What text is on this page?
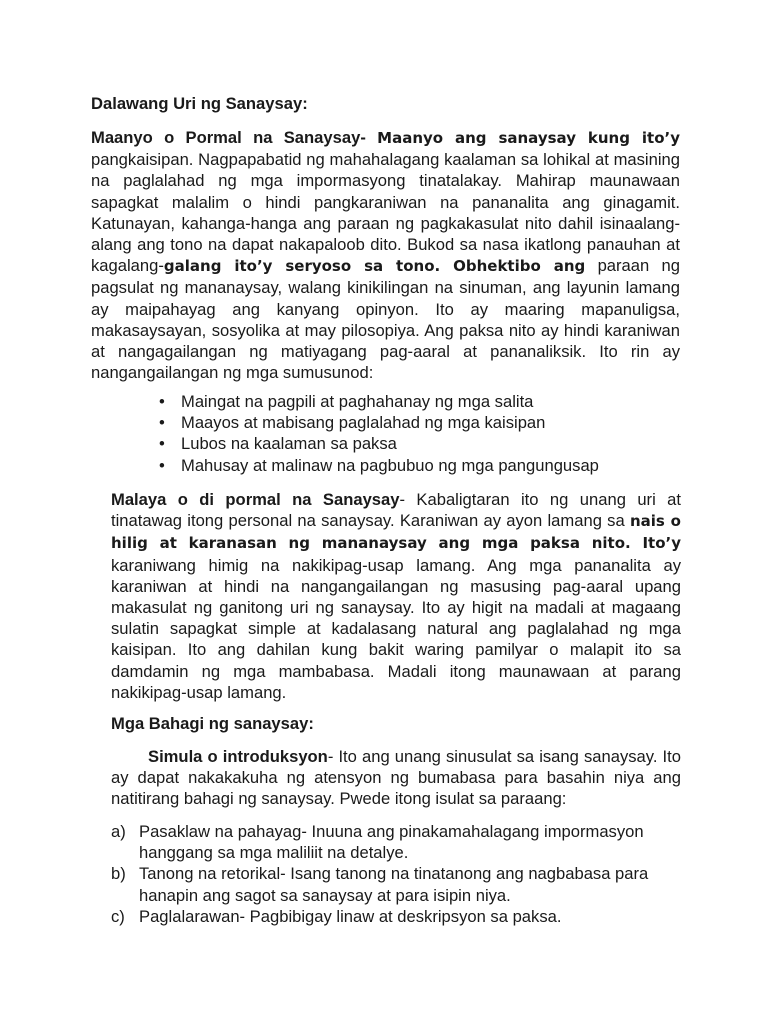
Dalawang Uri ng Sanaysay:

Maanyo o Pormal na Sanaysay- Maanyo ang sanaysay kung ito’y pangkaisipan. Nagpapabatid ng mahahalagang kaalaman sa lohikal at masining na paglalahad ng mga impormasyong tinatalakay. Mahirap maunawaan sapagkat malalim o hindi pangkaraniwan na pananalita ang ginagamit. Katunayan, kahanga-hanga ang paraan ng pagkakasulat nito dahil isinaalang-alang ang tono na dapat nakapaloob dito. Bukod sa nasa ikatlong panauhan at kagalang-galang ito’y seryoso sa tono. Obhektibo ang paraan ng pagsulat ng mananaysay, walang kinikilingan na sinuman, ang layunin lamang ay maipahayag ang kanyang opinyon. Ito ay maaring mapanuligsa, makasaysayan, sosyolika at may pilosopiya. Ang paksa nito ay hindi karaniwan at nangagailangan ng matiyagang pag-aaral at pananaliksik. Ito rin ay nangangailangan ng mga sumusunod:

• Maingat na pagpili at paghahanay ng mga salita
• Maayos at mabisang paglalahad ng mga kaisipan
• Lubos na kaalaman sa paksa
• Mahusay at malinaw na pagbubuo ng mga pangungusap

Malaya o di pormal na Sanaysay- Kabaligtaran ito ng unang uri at tinatawag itong personal na sanaysay. Karaniwan ay ayon lamang sa nais o hilig at karanasan ng mananaysay ang mga paksa nito. Ito’y karaniwang himig na nakikipag-usap lamang. Ang mga pananalita ay karaniwan at hindi na nangangailangan ng masusing pag-aaral upang makasulat ng ganitong uri ng sanaysay. Ito ay higit na madali at magaang sulatin sapagkat simple at kadalasang natural ang paglalahad ng mga kaisipan. Ito ang dahilan kung bakit waring pamilyar o malapit ito sa damdamin ng mga mambabasa. Madali itong maunawaan at parang nakikipag-usap lamang.

Mga Bahagi ng sanaysay:

Simula o introduksyon- Ito ang unang sinusulat sa isang sanaysay. Ito ay dapat nakakakuha ng atensyon ng bumabasa para basahin niya ang natitirang bahagi ng sanaysay. Pwede itong isulat sa paraang:

a) Pasaklaw na pahayag- Inuuna ang pinakamahalagang impormasyon hanggang sa mga maliliit na detalye.
b) Tanong na retorikal- Isang tanong na tinatanong ang nagbabasa para hanapin ang sagot sa sanaysay at para isipin niya.
c) Paglalarawan- Pagbibigay linaw at deskripsyon sa paksa.
